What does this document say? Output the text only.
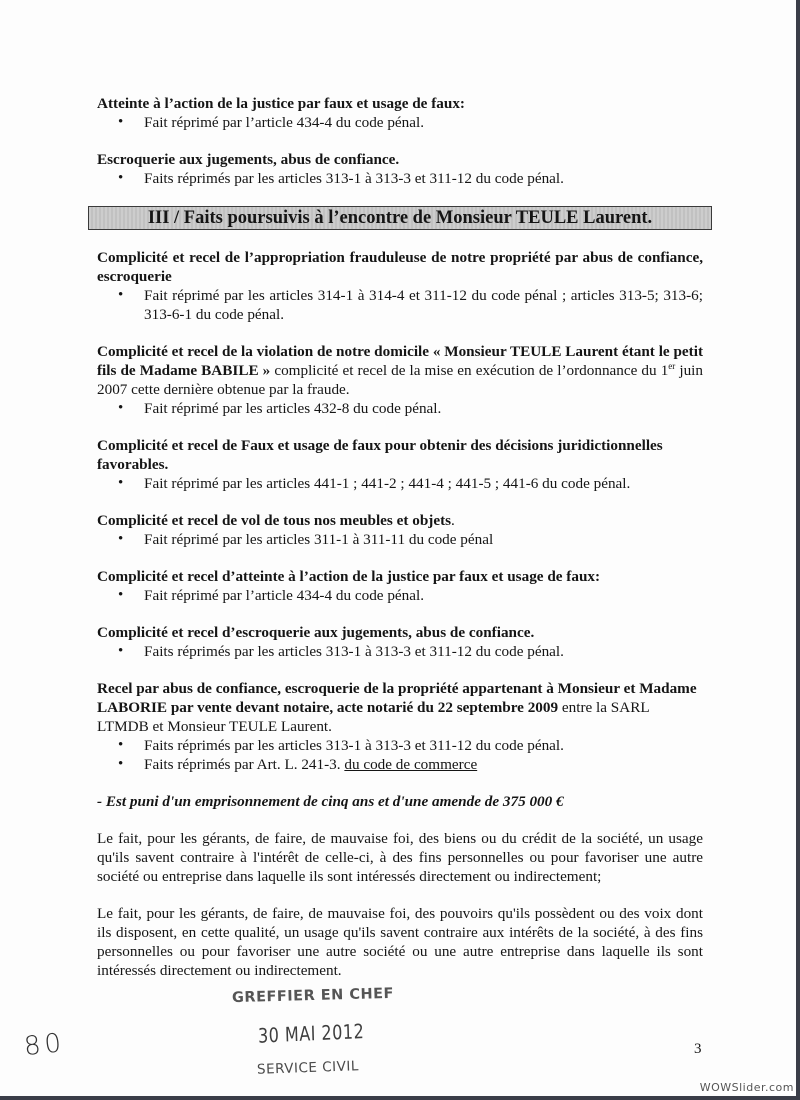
Atteinte à l’action de la justice par faux et usage de faux:
• Fait réprimé par l’article 434-4 du code pénal.
Escroquerie aux jugements, abus de confiance.
• Faits réprimés par les articles 313-1 à 313-3 et 311-12 du code pénal.
III / Faits poursuivis à l’encontre de Monsieur TEULE Laurent.
Complicité et recel de l’appropriation frauduleuse de notre propriété par abus de confiance, escroquerie
• Fait réprimé par les articles 314-1 à 314-4 et 311-12 du code pénal ; articles 313-5; 313-6; 313-6-1 du code pénal.
Complicité et recel de la violation de notre domicile « Monsieur TEULE Laurent étant le petit fils de Madame BABILE » complicité et recel de la mise en exécution de l’ordonnance du 1er juin 2007 cette dernière obtenue par la fraude.
• Fait réprimé par les articles 432-8 du code pénal.
Complicité et recel de Faux et usage de faux pour obtenir des décisions juridictionnelles favorables.
• Fait réprimé par les articles 441-1 ; 441-2 ; 441-4 ; 441-5 ; 441-6 du code pénal.
Complicité et recel de vol de tous nos meubles et objets.
• Fait réprimé par les articles 311-1 à 311-11 du code pénal
Complicité et recel d’atteinte à l’action de la justice par faux et usage de faux:
• Fait réprimé par l’article 434-4 du code pénal.
Complicité et recel d’escroquerie aux jugements, abus de confiance.
• Faits réprimés par les articles 313-1 à 313-3 et 311-12 du code pénal.
Recel par abus de confiance, escroquerie de la propriété appartenant à Monsieur et Madame LABORIE par vente devant notaire, acte notarié du 22 septembre 2009 entre la SARL LTMDB et Monsieur TEULE Laurent.
• Faits réprimés par les articles 313-1 à 313-3 et 311-12 du code pénal.
• Faits réprimés par Art. L. 241-3. du code de commerce
- Est puni d'un emprisonnement de cinq ans et d'une amende de 375 000 €
Le fait, pour les gérants, de faire, de mauvaise foi, des biens ou du crédit de la société, un usage qu'ils savent contraire à l'intérêt de celle-ci, à des fins personnelles ou pour favoriser une autre société ou entreprise dans laquelle ils sont intéressés directement ou indirectement;
Le fait, pour les gérants, de faire, de mauvaise foi, des pouvoirs qu'ils possèdent ou des voix dont ils disposent, en cette qualité, un usage qu'ils savent contraire aux intérêts de la société, à des fins personnelles ou pour favoriser une autre société ou une autre entreprise dans laquelle ils sont intéressés directement ou indirectement.
GREFFIER EN CHEF
30 MAI 2012
SERVICE CIVIL
80	3
WOWSlider.com
